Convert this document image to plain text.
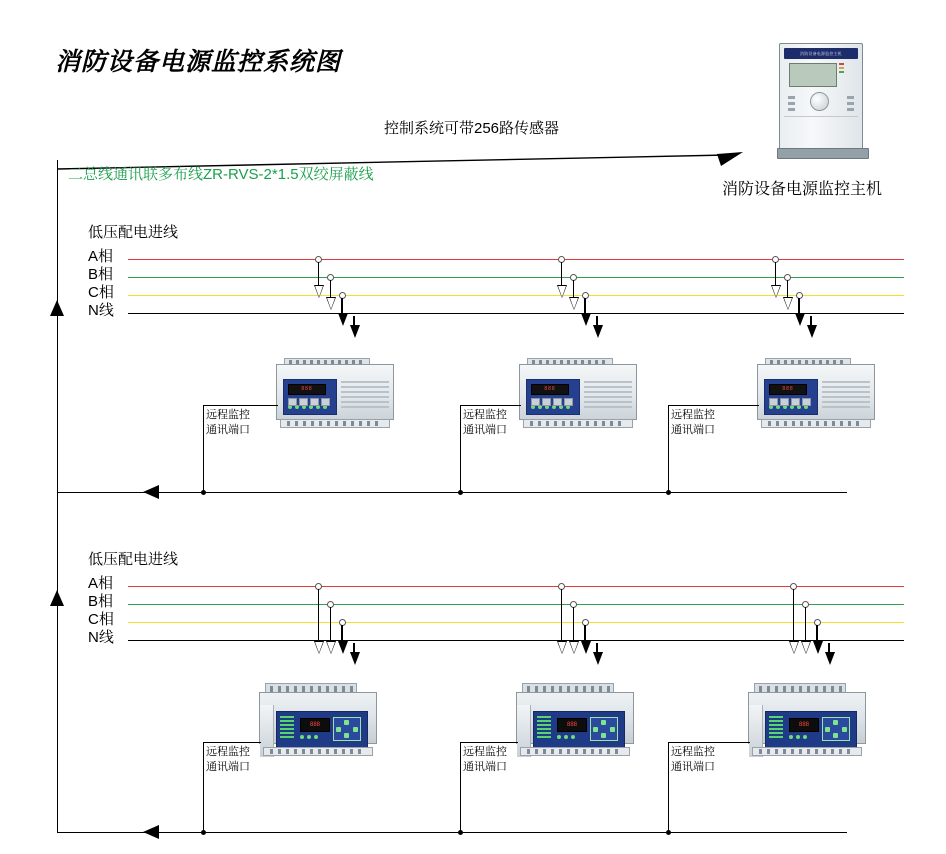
消防设备电源监控系统图	消防设备电源监控主机
消防设备电源监控主机
控制系统可带256路传感器
二总线通讯联多布线ZR-RVS-2*1.5双绞屏蔽线
低压配电进线
A相
B相
C相
N线
888
远程监控
通讯端口
888
远程监控
通讯端口
888
远程监控
通讯端口
低压配电进线
A相
B相
C相
N线
888
远程监控
通讯端口
888
远程监控
通讯端口
888
远程监控
通讯端口
